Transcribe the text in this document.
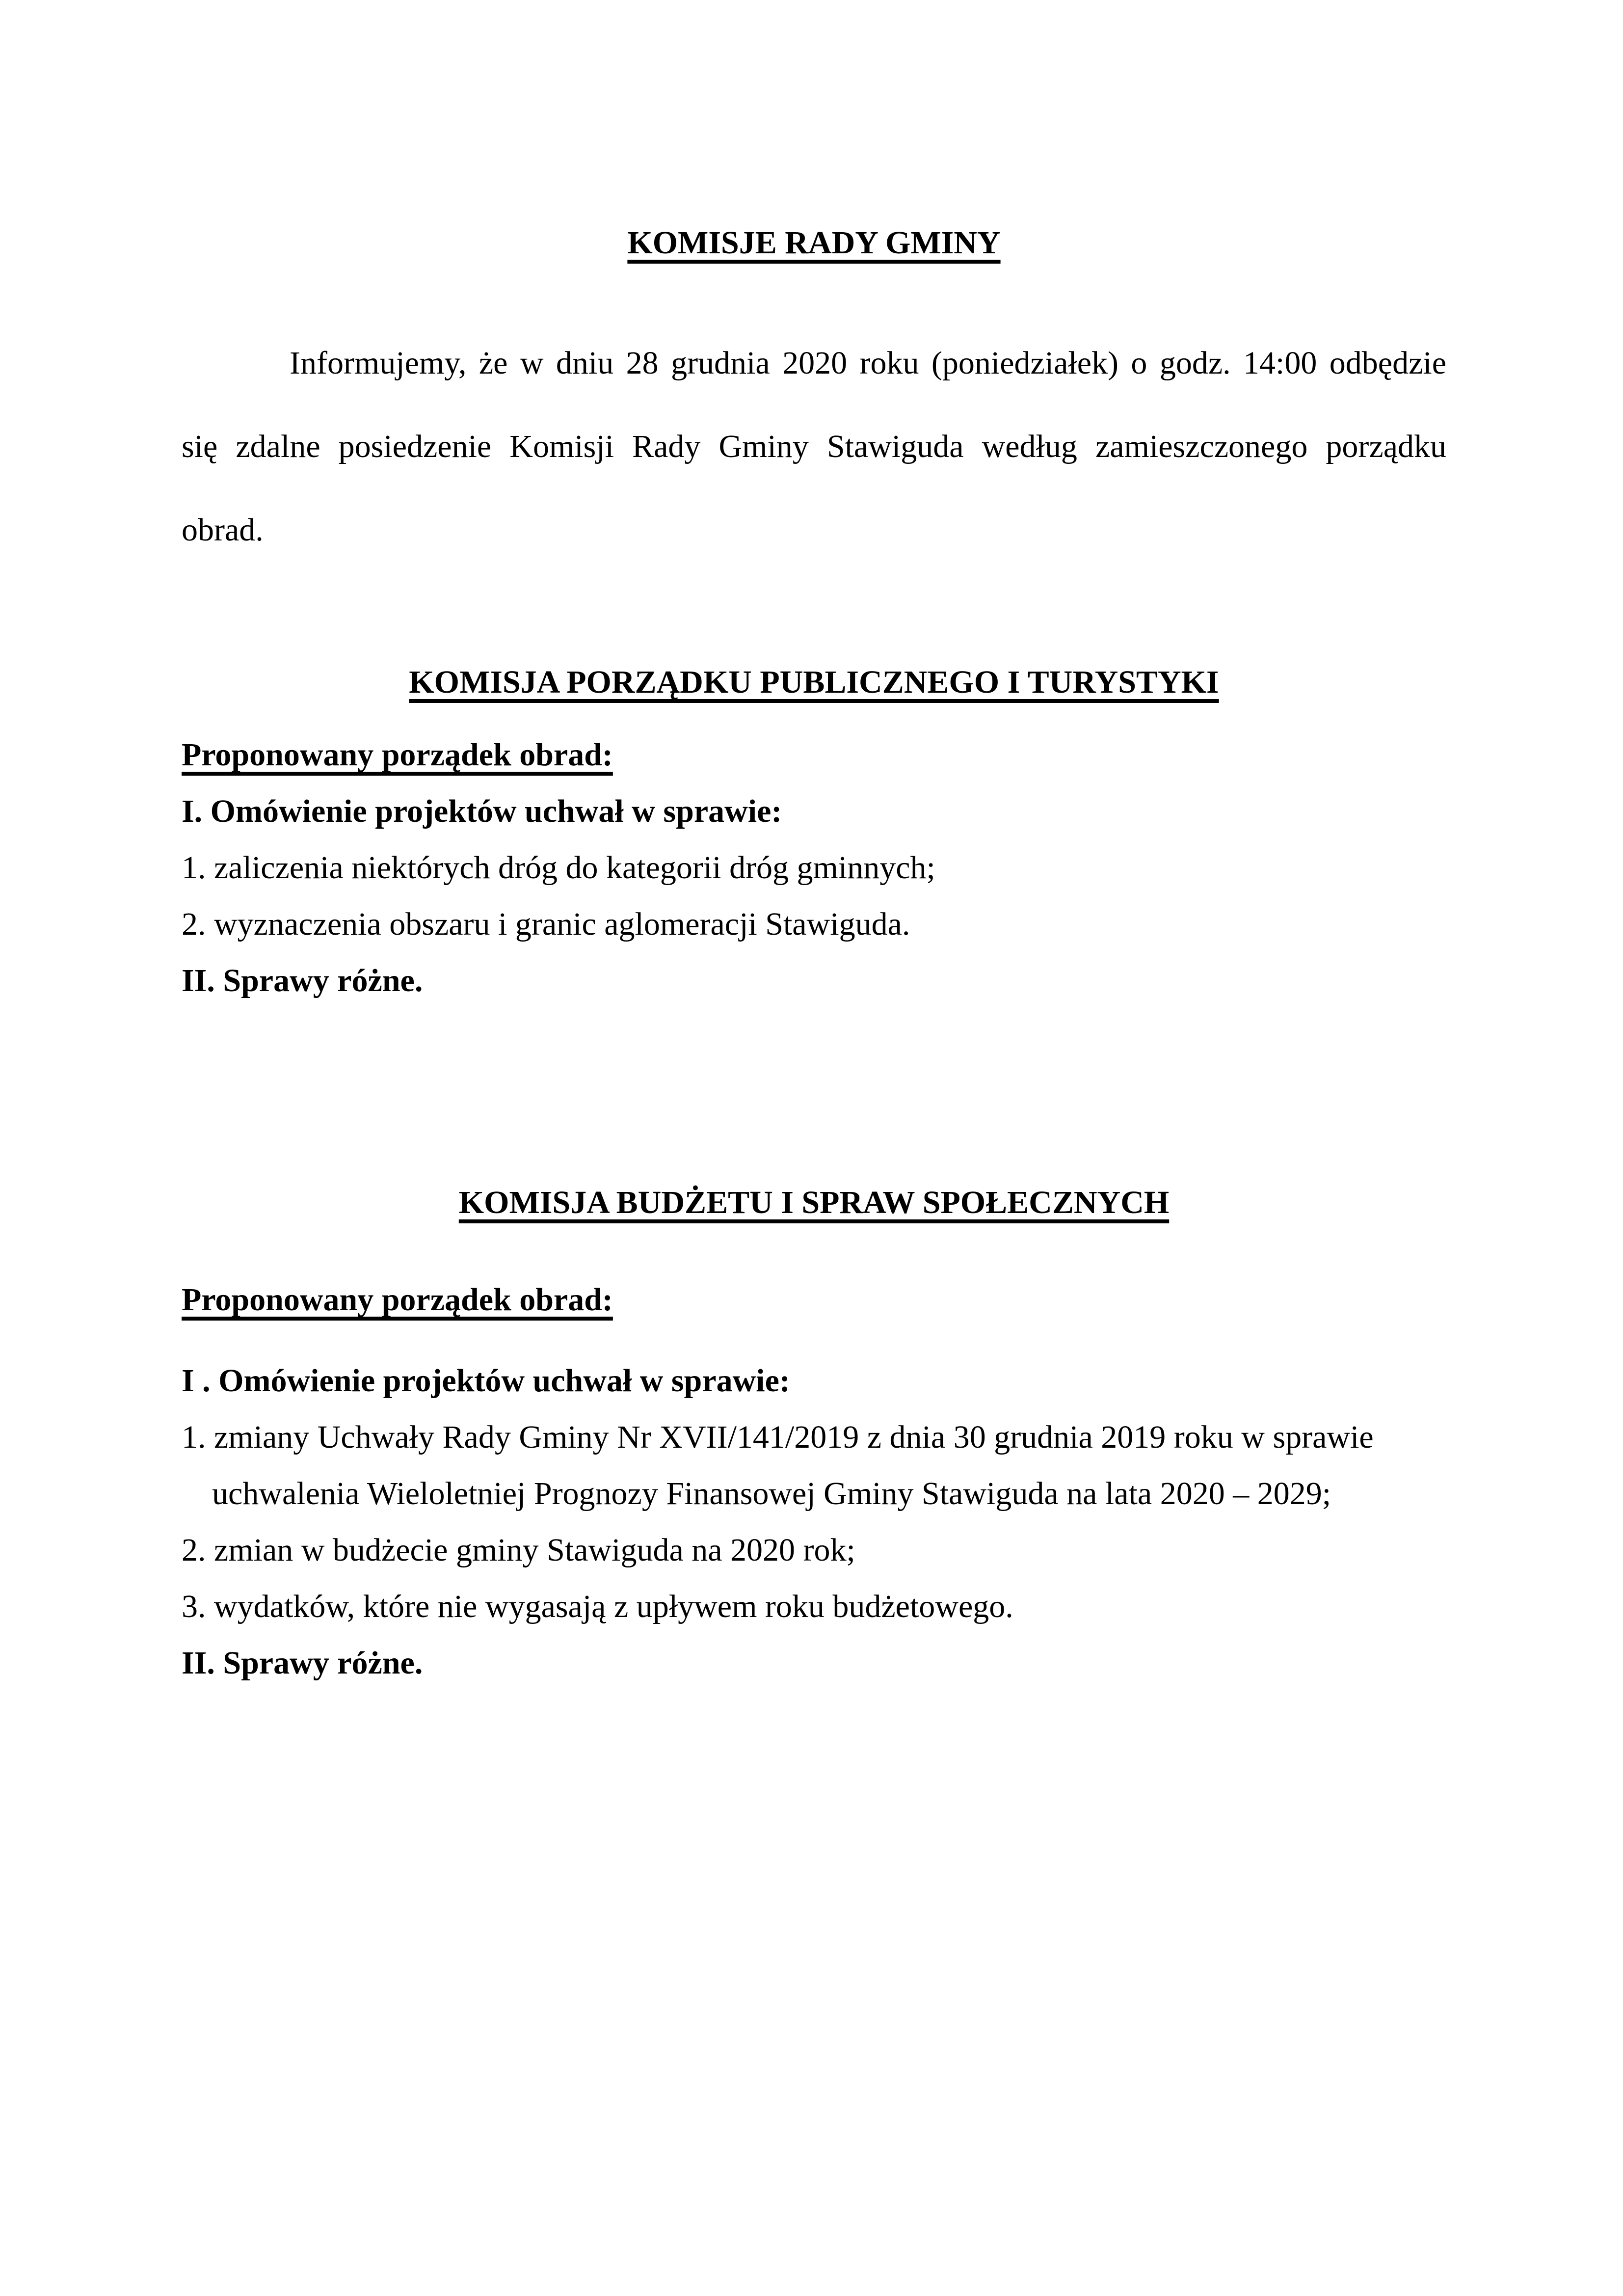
KOMISJE RADY GMINY
Informujemy, że w dniu 28 grudnia 2020 roku (poniedziałek) o godz. 14:00 odbędzie
się zdalne posiedzenie Komisji Rady Gminy Stawiguda według zamieszczonego porządku
obrad.
KOMISJA PORZĄDKU PUBLICZNEGO I TURYSTYKI
Proponowany porządek obrad:
I. Omówienie projektów uchwał w sprawie:
1. zaliczenia niektórych dróg do kategorii dróg gminnych;
2. wyznaczenia obszaru i granic aglomeracji Stawiguda.
II. Sprawy różne.
KOMISJA BUDŻETU I SPRAW SPOŁECZNYCH
Proponowany porządek obrad:
I . Omówienie projektów uchwał w sprawie:
1. zmiany Uchwały Rady Gminy Nr XVII/141/2019 z dnia 30 grudnia 2019 roku w sprawie
uchwalenia Wieloletniej Prognozy Finansowej Gminy Stawiguda na lata 2020 – 2029;
2. zmian w budżecie gminy Stawiguda na 2020 rok;
3. wydatków, które nie wygasają z upływem roku budżetowego.
II. Sprawy różne.
